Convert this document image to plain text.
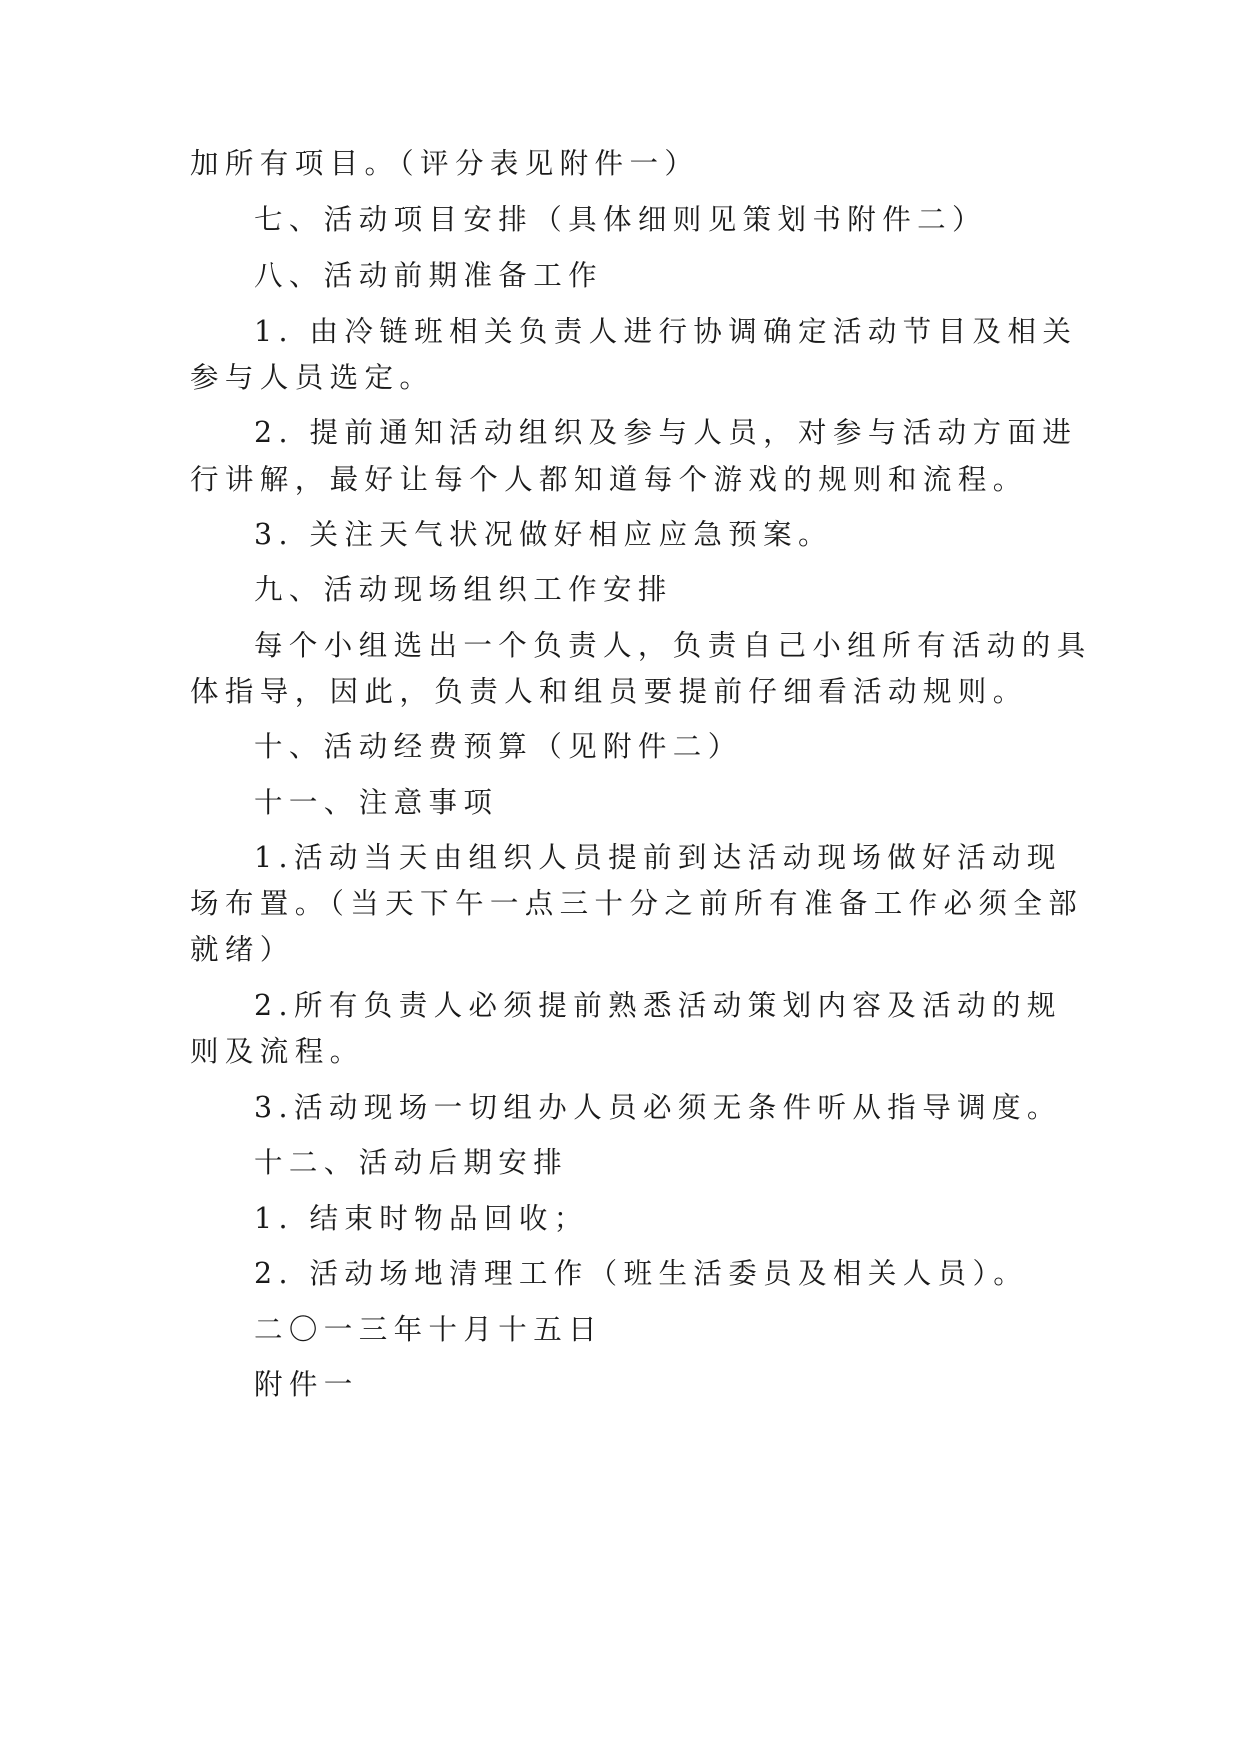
加所有项目。（评分表见附件一）

七、活动项目安排（具体细则见策划书附件二）

八、活动前期准备工作

1. 由冷链班相关负责人进行协调确定活动节目及相关

参与人员选定。

2. 提前通知活动组织及参与人员，对参与活动方面进

行讲解，最好让每个人都知道每个游戏的规则和流程。

3. 关注天气状况做好相应应急预案。

九、活动现场组织工作安排

每个小组选出一个负责人，负责自己小组所有活动的具

体指导，因此，负责人和组员要提前仔细看活动规则。

十、活动经费预算（见附件二）

十一、注意事项

1.活动当天由组织人员提前到达活动现场做好活动现

场布置。（当天下午一点三十分之前所有准备工作必须全部

就绪）

2.所有负责人必须提前熟悉活动策划内容及活动的规

则及流程。

3.活动现场一切组办人员必须无条件听从指导调度。

十二、活动后期安排

1. 结束时物品回收；

2. 活动场地清理工作（班生活委员及相关人员）。

二〇一三年十月十五日

附件一
